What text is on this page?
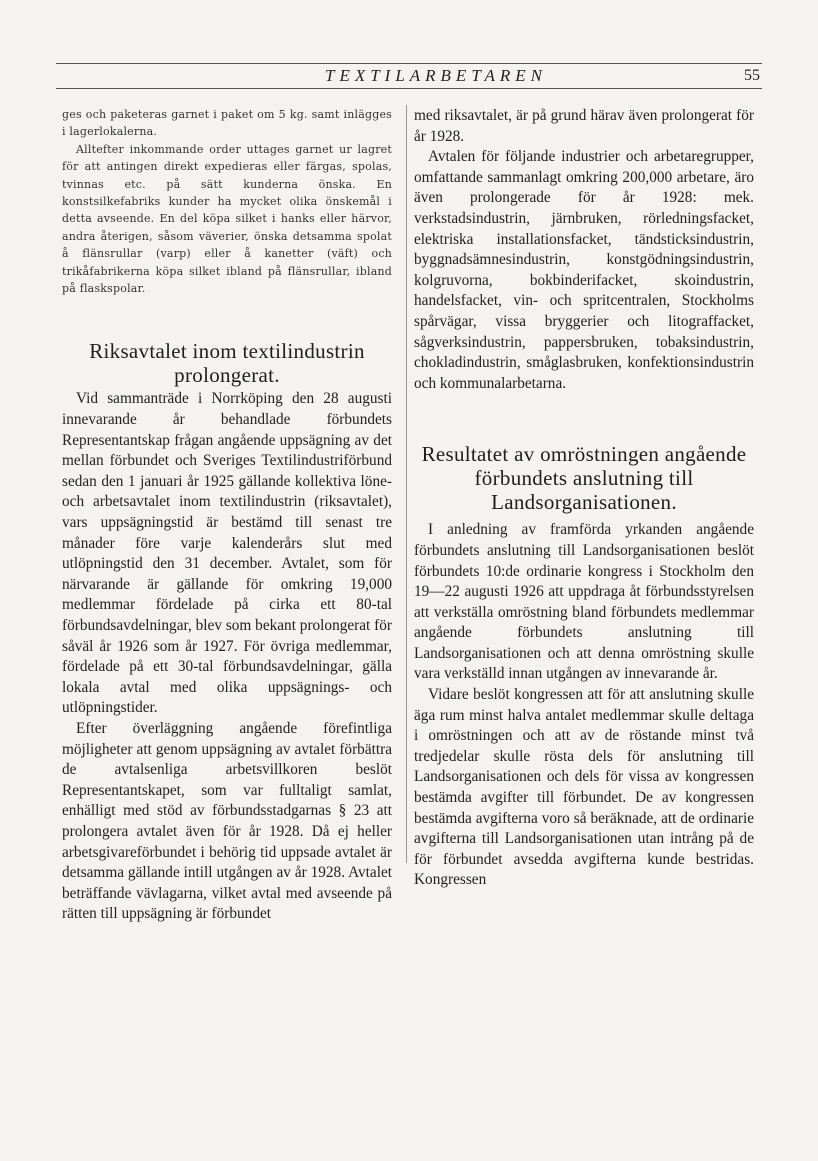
TEXTILARBETAREN	55

ges och paketeras garnet i paket om 5 kg. samt inlägges i lagerlokalerna.

Alltefter inkommande order uttages garnet ur lagret för att antingen direkt expedieras eller färgas, spolas, tvinnas etc. på sätt kunderna önska. En konstsilkefabriks kunder ha mycket olika önskemål i detta avseende. En del köpa silket i hanks eller härvor, andra återigen, såsom väverier, önska detsamma spolat å flänsrullar (varp) eller å kanetter (väft) och trikåfabrikerna köpa silket ibland på flänsrullar, ibland på flaskspolar.

Riksavtalet inom textilindustrin prolongerat.

Vid sammanträde i Norrköping den 28 augusti innevarande år behandlade förbundets Representantskap frågan angående uppsägning av det mellan förbundet och Sveriges Textilindustriförbund sedan den 1 januari år 1925 gällande kollektiva löne- och arbetsavtalet inom textilindustrin (riksavtalet), vars uppsägningstid är bestämd till senast tre månader före varje kalenderårs slut med utlöpningstid den 31 december. Avtalet, som för närvarande är gällande för omkring 19,000 medlemmar fördelade på cirka ett 80-tal förbundsavdelningar, blev som bekant prolongerat för såväl år 1926 som år 1927. För övriga medlemmar, fördelade på ett 30-tal förbundsavdelningar, gälla lokala avtal med olika uppsägnings- och utlöpningstider.

Efter överläggning angående förefintliga möjligheter att genom uppsägning av avtalet förbättra de avtalsenliga arbetsvillkoren beslöt Representantskapet, som var fulltaligt samlat, enhälligt med stöd av förbundsstadgarnas § 23 att prolongera avtalet även för år 1928. Då ej heller arbetsgivareförbundet i behörig tid uppsade avtalet är detsamma gällande intill utgången av år 1928. Avtalet beträffande vävlagarna, vilket avtal med avseende på rätten till uppsägning är förbundet

med riksavtalet, är på grund härav även prolongerat för år 1928.

Avtalen för följande industrier och arbetaregrupper, omfattande sammanlagt omkring 200,000 arbetare, äro även prolongerade för år 1928: mek. verkstadsindustrin, järnbruken, rörledningsfacket, elektriska installationsfacket, tändsticksindustrin, byggnadsämnesindustrin, konstgödningsindustrin, kolgruvorna, bokbinderifacket, skoindustrin, handelsfacket, vin- och spritcentralen, Stockholms spårvägar, vissa bryggerier och litograffacket, sågverksindustrin, pappersbruken, tobaksindustrin, chokladindustrin, småglasbruken, konfektionsindustrin och kommunalarbetarna.

Resultatet av omröstningen angående förbundets anslutning till Landsorganisationen.

I anledning av framförda yrkanden angående förbundets anslutning till Landsorganisationen beslöt förbundets 10:de ordinarie kongress i Stockholm den 19—22 augusti 1926 att uppdraga åt förbundsstyrelsen att verkställa omröstning bland förbundets medlemmar angående förbundets anslutning till Landsorganisationen och att denna omröstning skulle vara verkställd innan utgången av innevarande år.

Vidare beslöt kongressen att för att anslutning skulle äga rum minst halva antalet medlemmar skulle deltaga i omröstningen och att av de röstande minst två tredjedelar skulle rösta dels för anslutning till Landsorganisationen och dels för vissa av kongressen bestämda avgifter till förbundet. De av kongressen bestämda avgifterna voro så beräknade, att de ordinarie avgifterna till Landsorganisationen utan intrång på de för förbundet avsedda avgifterna kunde bestridas. Kongressen
